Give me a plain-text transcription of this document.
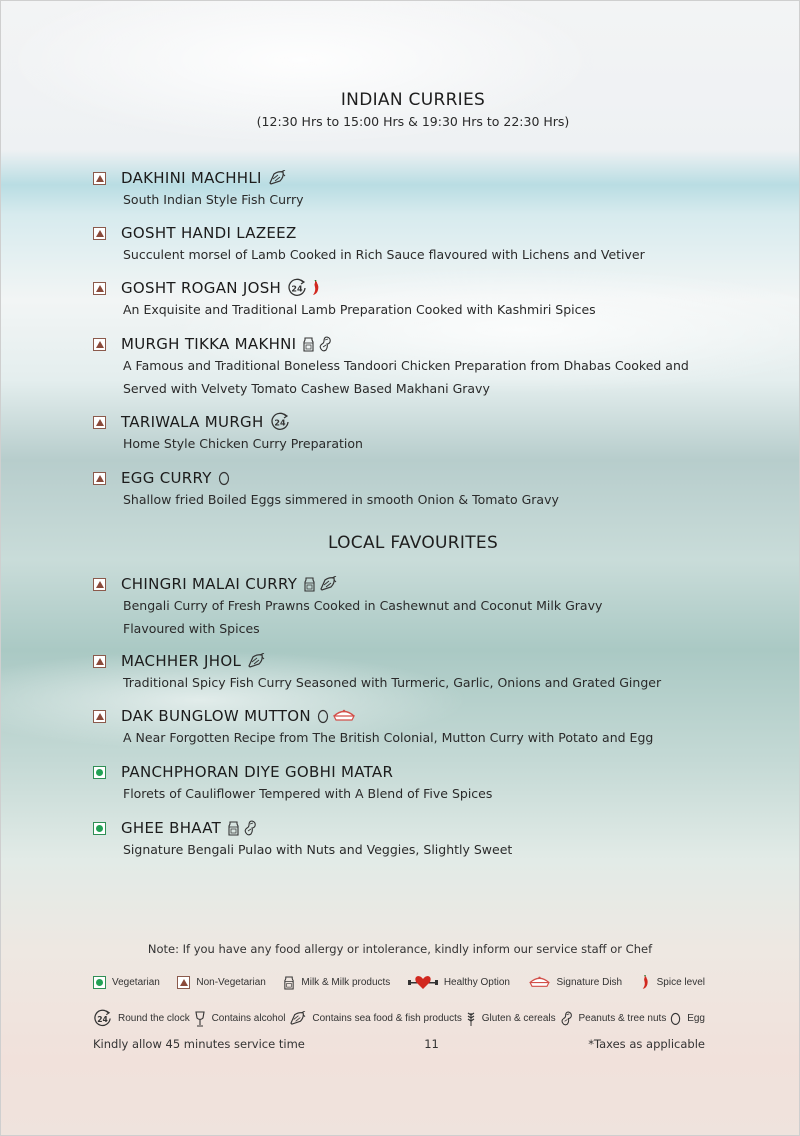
INDIAN CURRIES
(12:30 Hrs to 15:00 Hrs & 19:30 Hrs to 22:30 Hrs)
DAKHINI MACHHLI
South Indian Style Fish Curry
GOSHT HANDI LAZEEZ
Succulent morsel of Lamb Cooked in Rich Sauce flavoured with Lichens and Vetiver
GOSHT ROGAN JOSH 24
An Exquisite and Traditional Lamb Preparation Cooked with Kashmiri Spices
MURGH TIKKA MAKHNI
A Famous and Traditional Boneless Tandoori Chicken Preparation from Dhabas Cooked and
Served with Velvety Tomato Cashew Based Makhani Gravy
TARIWALA MURGH 24
Home Style Chicken Curry Preparation
EGG CURRY
Shallow fried Boiled Eggs simmered in smooth Onion & Tomato Gravy
CHINGRI MALAI CURRY
Bengali Curry of Fresh Prawns Cooked in Cashewnut and Coconut Milk Gravy
Flavoured with Spices
MACHHER JHOL
Traditional Spicy Fish Curry Seasoned with Turmeric, Garlic, Onions and Grated Ginger
DAK BUNGLOW MUTTON
A Near Forgotten Recipe from The British Colonial, Mutton Curry with Potato and Egg
PANCHPHORAN DIYE GOBHI MATAR
Florets of Cauliflower Tempered with A Blend of Five Spices
GHEE BHAAT
Signature Bengali Pulao with Nuts and Veggies, Slightly Sweet
LOCAL FAVOURITES
Note: If you have any food allergy or intolerance, kindly inform our service staff or Chef
Vegetarian	Non-Vegetarian	Milk & Milk products	Healthy Option	Signature Dish	Spice level
24 Round the clock Contains alcohol	Contains sea food & fish products Gluten & cereals Peanuts & tree nuts Egg
Kindly allow 45 minutes service time	11	*Taxes as applicable
